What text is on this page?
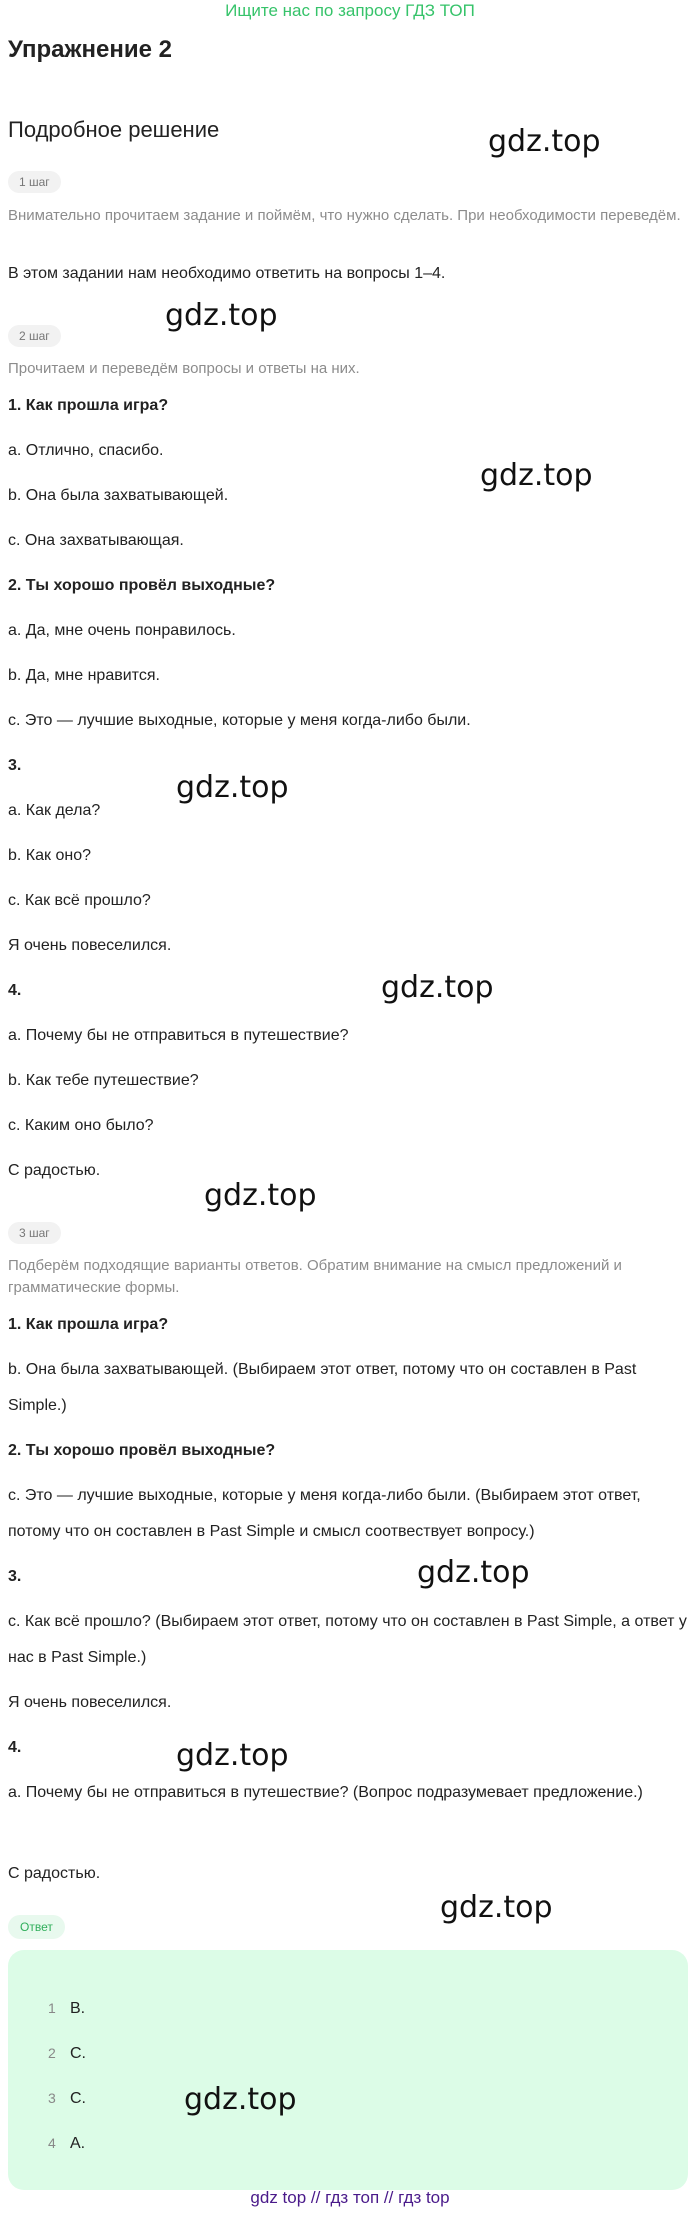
Ищите нас по запросу ГДЗ ТОП
Упражнение 2
Подробное решение	gdz.top
1 шаг
Внимательно прочитаем задание и поймём, что нужно сделать. При необходимости переведём.
В этом задании нам необходимо ответить на вопросы 1–4.
gdz.top
2 шаг
Прочитаем и переведём вопросы и ответы на них.
1. Как прошла игра?
a. Отлично, спасибо.
b. Она была захватывающей.
c. Она захватывающая.
gdz.top
2. Ты хорошо провёл выходные?
a. Да, мне очень понравилось.
b. Да, мне нравится.
c. Это — лучшие выходные, которые у меня когда-либо были.
3.
gdz.top
a. Как дела?
b. Как оно?
c. Как всё прошло?
Я очень повеселился.
4.	gdz.top
a. Почему бы не отправиться в путешествие?
b. Как тебе путешествие?
c. Каким оно было?
С радостью.
gdz.top
3 шаг
Подберём подходящие варианты ответов. Обратим внимание на смысл предложений и грамматические формы.
1. Как прошла игра?
b. Она была захватывающей. (Выбираем этот ответ, потому что он составлен в Past Simple.)
2. Ты хорошо провёл выходные?
c. Это — лучшие выходные, которые у меня когда-либо были. (Выбираем этот ответ, потому что он составлен в Past Simple и смысл соотвествует вопросу.)
3.	gdz.top
c. Как всё прошло? (Выбираем этот ответ, потому что он составлен в Past Simple, а ответ у нас в Past Simple.)
Я очень повеселился.
4.	gdz.top
a. Почему бы не отправиться в путешествие? (Вопрос подразумевает предложение.)
С радостью.
gdz.top
Ответ
1 B.
2 C.
3 C.	gdz.top
4 A.
gdz top // гдз топ // гдз top
